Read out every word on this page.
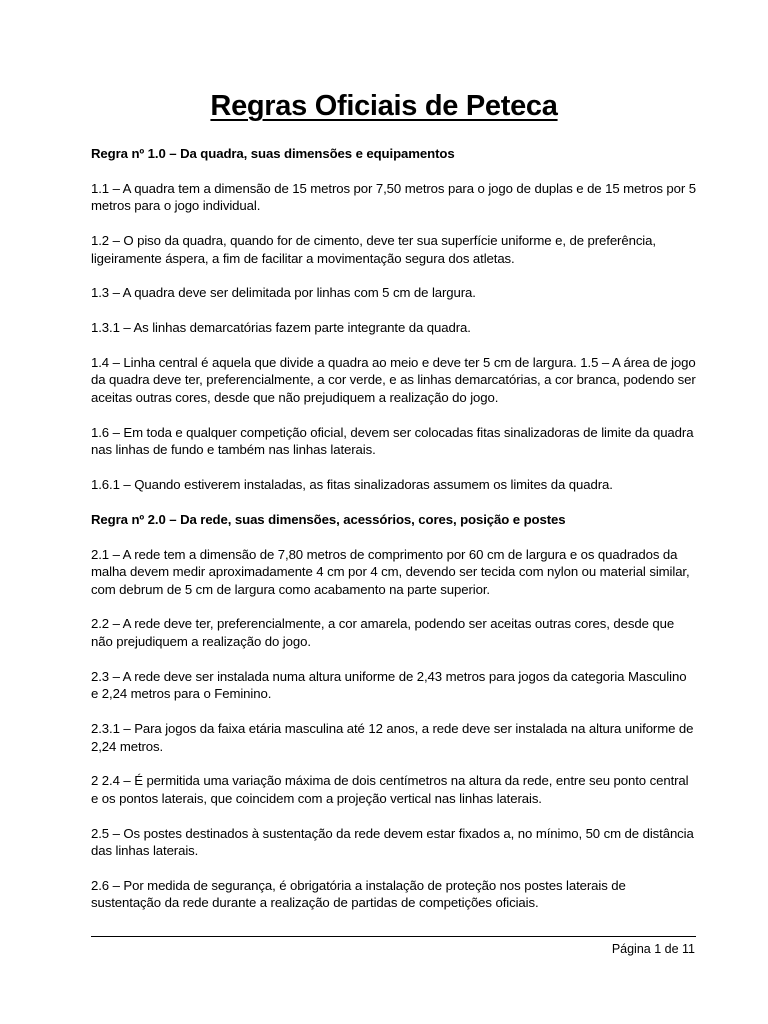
Regras Oficiais de Peteca

Regra nº 1.0 – Da quadra, suas dimensões e equipamentos

1.1 – A quadra tem a dimensão de 15 metros por 7,50 metros para o jogo de duplas e de 15 metros por 5 metros para o jogo individual.

1.2 – O piso da quadra, quando for de cimento, deve ter sua superfície uniforme e, de preferência, ligeiramente áspera, a fim de facilitar a movimentação segura dos atletas.

1.3 – A quadra deve ser delimitada por linhas com 5 cm de largura.

1.3.1 – As linhas demarcatórias fazem parte integrante da quadra.

1.4 – Linha central é aquela que divide a quadra ao meio e deve ter 5 cm de largura. 1.5 – A área de jogo da quadra deve ter, preferencialmente, a cor verde, e as linhas demarcatórias, a cor branca, podendo ser aceitas outras cores, desde que não prejudiquem a realização do jogo.

1.6 – Em toda e qualquer competição oficial, devem ser colocadas fitas sinalizadoras de limite da quadra nas linhas de fundo e também nas linhas laterais.

1.6.1 – Quando estiverem instaladas, as fitas sinalizadoras assumem os limites da quadra.

Regra nº 2.0 – Da rede, suas dimensões, acessórios, cores, posição e postes

2.1 – A rede tem a dimensão de 7,80 metros de comprimento por 60 cm de largura e os quadrados da malha devem medir aproximadamente 4 cm por 4 cm, devendo ser tecida com nylon ou material similar, com debrum de 5 cm de largura como acabamento na parte superior.

2.2 – A rede deve ter, preferencialmente, a cor amarela, podendo ser aceitas outras cores, desde que não prejudiquem a realização do jogo.

2.3 – A rede deve ser instalada numa altura uniforme de 2,43 metros para jogos da categoria Masculino e 2,24 metros para o Feminino.

2.3.1 – Para jogos da faixa etária masculina até 12 anos, a rede deve ser instalada na altura uniforme de 2,24 metros.

2 2.4 – É permitida uma variação máxima de dois centímetros na altura da rede, entre seu ponto central e os pontos laterais, que coincidem com a projeção vertical nas linhas laterais.

2.5 – Os postes destinados à sustentação da rede devem estar fixados a, no mínimo, 50 cm de distância das linhas laterais.

2.6 – Por medida de segurança, é obrigatória a instalação de proteção nos postes laterais de sustentação da rede durante a realização de partidas de competições oficiais.

Página 1 de 11
